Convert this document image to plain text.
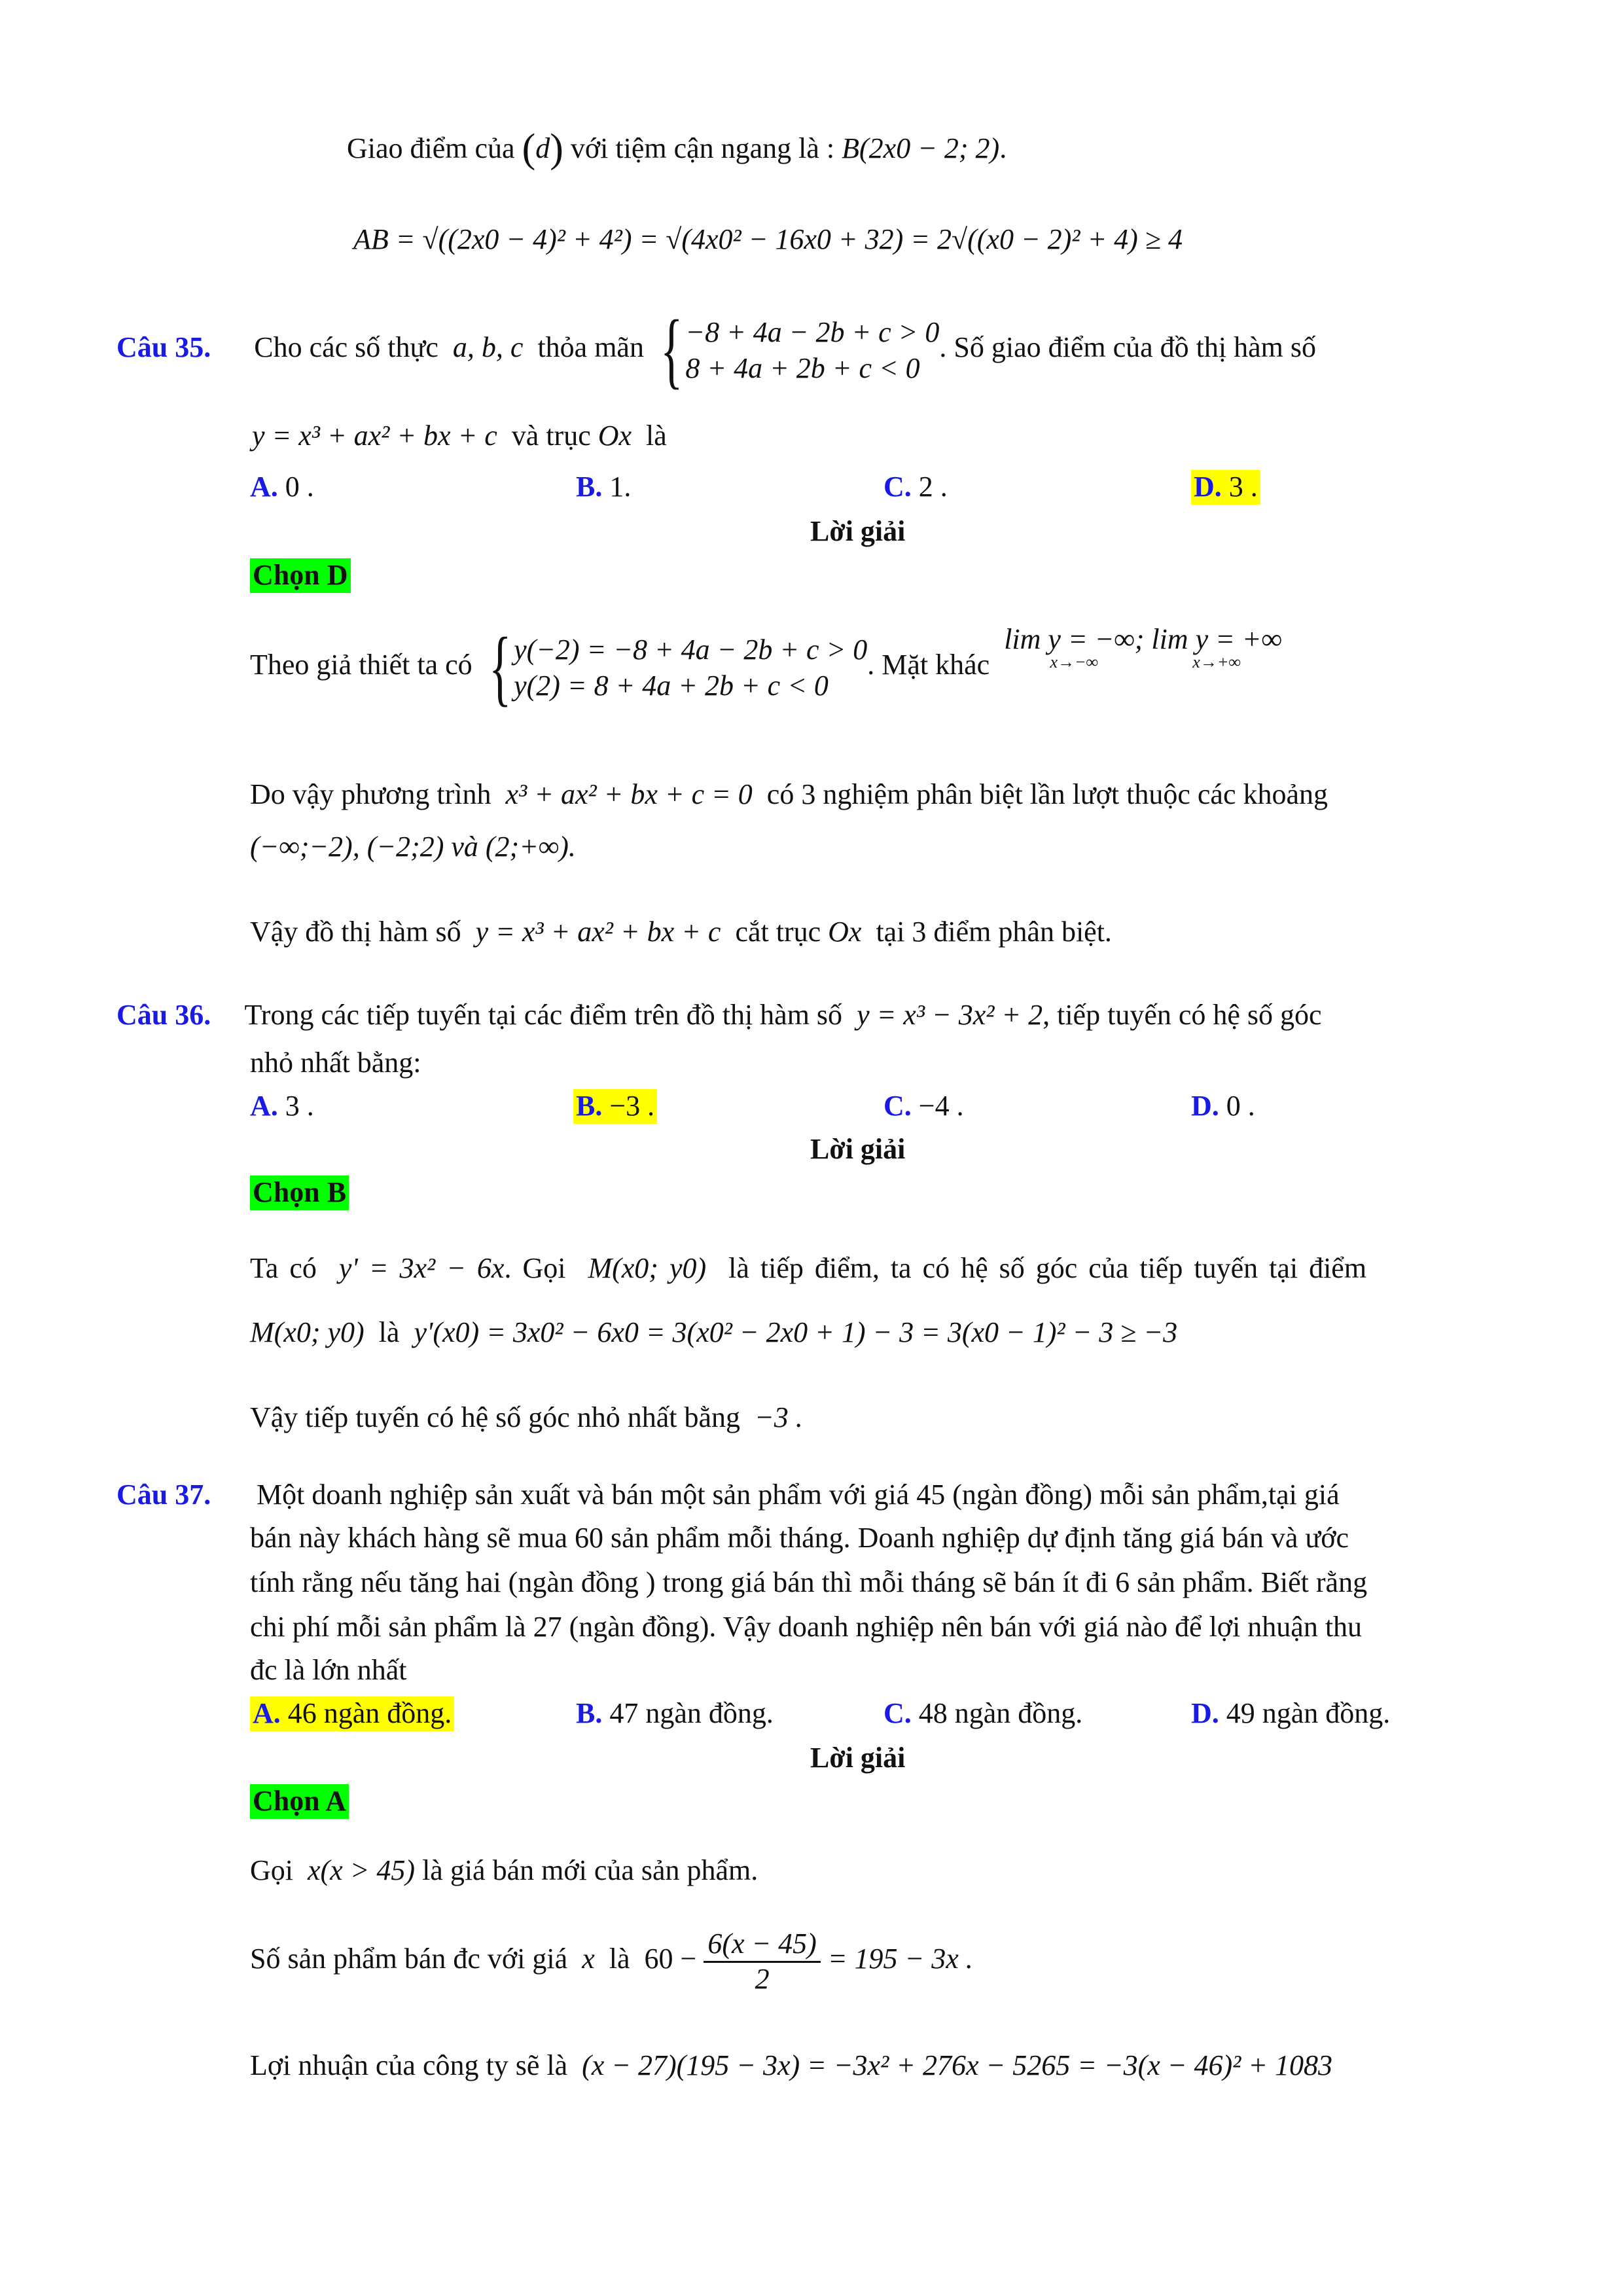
Giao điểm của (d) với tiệm cận ngang là : B(2x0 − 2; 2).
AB = √((2x0 − 4)² + 4²) = √(4x0² − 16x0 + 32) = 2√((x0 − 2)² + 4) ≥ 4
Câu 35. Cho các số thực a, b, c thỏa mãn {−8 + 4a − 2b + c > 0
8 + 4a + 2b + c < 0. Số giao điểm của đồ thị hàm số
y = x³ + ax² + bx + c và trục Ox là
A. 0 .	B. 1.	C. 2 .	D. 3 .
Lời giải
Chọn D
Theo giả thiết ta có {y(−2) = −8 + 4a − 2b + c > 0
y(2) = 8 + 4a + 2b + c < 0. Mặt khác  lim y = −∞;
x→−∞
lim y = +∞
x→+∞
Do vậy phương trình x³ + ax² + bx + c = 0 có 3 nghiệm phân biệt lần lượt thuộc các khoảng
(−∞;−2), (−2;2) và (2;+∞).
Vậy đồ thị hàm số y = x³ + ax² + bx + c cắt trục Ox tại 3 điểm phân biệt.
Câu 36. Trong các tiếp tuyến tại các điểm trên đồ thị hàm số y = x³ − 3x² + 2, tiếp tuyến có hệ số góc
nhỏ nhất bằng:
A. 3 .	B. −3 .	C. −4 .	D. 0 .
Lời giải
Chọn B
Ta có y' = 3x² − 6x. Gọi M(x0; y0) là tiếp điểm, ta có hệ số góc của tiếp tuyến tại điểm
M(x0; y0) là y'(x0) = 3x0² − 6x0 = 3(x0² − 2x0 + 1) − 3 = 3(x0 − 1)² − 3 ≥ −3
Vậy tiếp tuyến có hệ số góc nhỏ nhất bằng −3 .
Câu 37. Một doanh nghiệp sản xuất và bán một sản phẩm với giá 45 (ngàn đồng) mỗi sản phẩm,tại giá
bán này khách hàng sẽ mua 60 sản phẩm mỗi tháng. Doanh nghiệp dự định tăng giá bán và ước
tính rằng nếu tăng hai (ngàn đồng ) trong giá bán thì mỗi tháng sẽ bán ít đi 6 sản phẩm. Biết rằng
chi phí mỗi sản phẩm là 27 (ngàn đồng). Vậy doanh nghiệp nên bán với giá nào để lợi nhuận thu
đc là lớn nhất
A. 46 ngàn đồng.	B. 47 ngàn đồng.	C. 48 ngàn đồng.	D. 49 ngàn đồng.
Lời giải
Chọn A
Gọi x(x > 45) là giá bán mới của sản phẩm.
Số sản phẩm bán đc với giá x là $60 - \frac{6(x - 45)}{2} = 195 - 3x$ .
Lợi nhuận của công ty sẽ là (x − 27)(195 − 3x) = −3x² + 276x − 5265 = −3(x − 46)² + 1083
